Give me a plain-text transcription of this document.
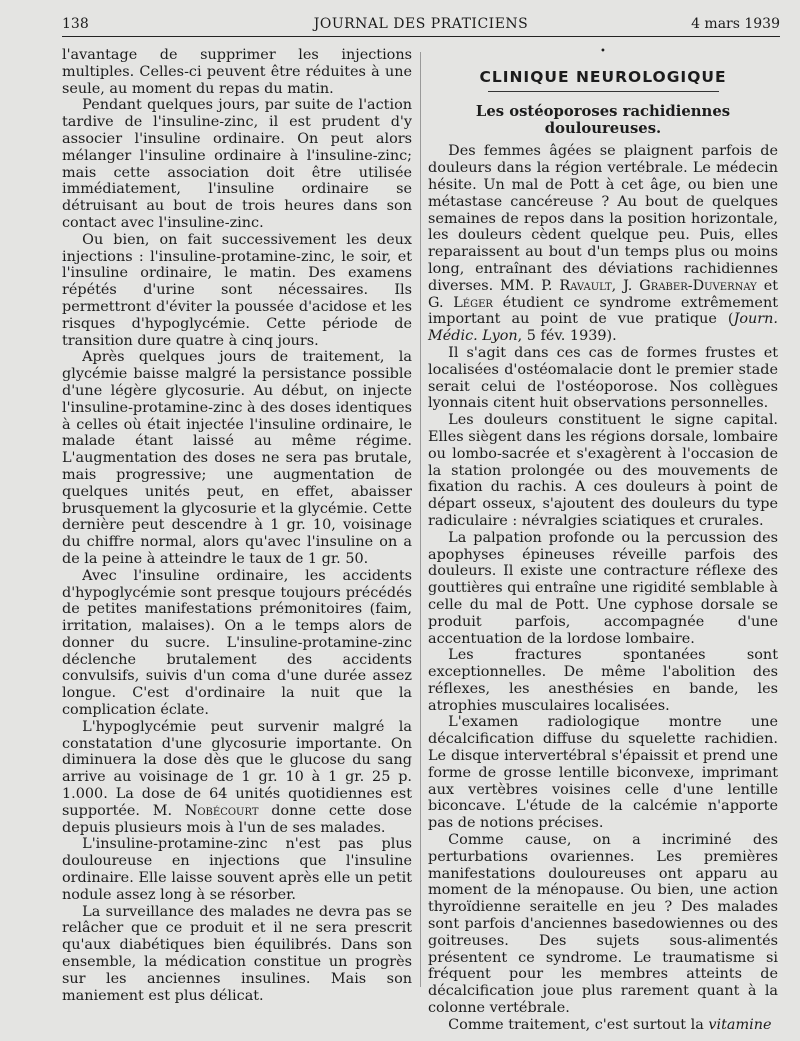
138	JOURNAL DES PRATICIENS	4 mars 1939

l'avantage de supprimer les injections multiples. Celles-ci peuvent être réduites à une seule, au moment du repas du matin.

Pendant quelques jours, par suite de l'action tardive de l'insuline-zinc, il est prudent d'y associer l'insuline ordinaire. On peut alors mélanger l'insuline ordinaire à l'insuline-zinc; mais cette association doit être utilisée immédiatement, l'insuline ordinaire se détruisant au bout de trois heures dans son contact avec l'insuline-zinc.

Ou bien, on fait successivement les deux injections : l'insuline-protamine-zinc, le soir, et l'insuline ordinaire, le matin. Des examens répétés d'urine sont nécessaires. Ils permettront d'éviter la poussée d'acidose et les risques d'hypoglycémie. Cette période de transition dure quatre à cinq jours.

Après quelques jours de traitement, la glycémie baisse malgré la persistance possible d'une légère glycosurie. Au début, on injecte l'insuline-protamine-zinc à des doses identiques à celles où était injectée l'insuline ordinaire, le malade étant laissé au même régime. L'augmentation des doses ne sera pas brutale, mais progressive; une augmentation de quelques unités peut, en effet, abaisser brusquement la glycosurie et la glycémie. Cette dernière peut descendre à 1 gr. 10, voisinage du chiffre normal, alors qu'avec l'insuline on a de la peine à atteindre le taux de 1 gr. 50.

Avec l'insuline ordinaire, les accidents d'hypoglycémie sont presque toujours précédés de petites manifestations prémonitoires (faim, irritation, malaises). On a le temps alors de donner du sucre. L'insuline-protamine-zinc déclenche brutalement des accidents convulsifs, suivis d'un coma d'une durée assez longue. C'est d'ordinaire la nuit que la complication éclate.

L'hypoglycémie peut survenir malgré la constatation d'une glycosurie importante. On diminuera la dose dès que le glucose du sang arrive au voisinage de 1 gr. 10 à 1 gr. 25 p. 1.000. La dose de 64 unités quotidiennes est supportée. M. Nobécourt donne cette dose depuis plusieurs mois à l'un de ses malades.

L'insuline-protamine-zinc n'est pas plus douloureuse en injections que l'insuline ordinaire. Elle laisse souvent après elle un petit nodule assez long à se résorber.

La surveillance des malades ne devra pas se relâcher que ce produit et il ne sera prescrit qu'aux diabétiques bien équilibrés. Dans son ensemble, la médication constitue un progrès sur les anciennes insulines. Mais son maniement est plus délicat.

•
CLINIQUE NEUROLOGIQUE
Les ostéoporoses rachidiennes douloureuses.

Des femmes âgées se plaignent parfois de douleurs dans la région vertébrale. Le médecin hésite. Un mal de Pott à cet âge, ou bien une métastase cancéreuse ? Au bout de quelques semaines de repos dans la position horizontale, les douleurs cèdent quelque peu. Puis, elles reparaissent au bout d'un temps plus ou moins long, entraînant des déviations rachidiennes diverses. MM. P. Ravault, J. Graber-Duvernay et G. Léger étudient ce syndrome extrêmement important au point de vue pratique (Journ. Médic. Lyon, 5 fév. 1939).

Il s'agit dans ces cas de formes frustes et localisées d'ostéomalacie dont le premier stade serait celui de l'ostéoporose. Nos collègues lyonnais citent huit observations personnelles.

Les douleurs constituent le signe capital. Elles siègent dans les régions dorsale, lombaire ou lombo-sacrée et s'exagèrent à l'occasion de la station prolongée ou des mouvements de fixation du rachis. A ces douleurs à point de départ osseux, s'ajoutent des douleurs du type radiculaire : névralgies sciatiques et crurales.

La palpation profonde ou la percussion des apophyses épineuses réveille parfois des douleurs. Il existe une contracture réflexe des gouttières qui entraîne une rigidité semblable à celle du mal de Pott. Une cyphose dorsale se produit parfois, accompagnée d'une accentuation de la lordose lombaire.

Les fractures spontanées sont exceptionnelles. De même l'abolition des réflexes, les anesthésies en bande, les atrophies musculaires localisées.

L'examen radiologique montre une décalcification diffuse du squelette rachidien. Le disque intervertébral s'épaissit et prend une forme de grosse lentille biconvexe, imprimant aux vertèbres voisines celle d'une lentille biconcave. L'étude de la calcémie n'apporte pas de notions précises.

Comme cause, on a incriminé des perturbations ovariennes. Les premières manifestations douloureuses ont apparu au moment de la ménopause. Ou bien, une action thyroïdienne seraitelle en jeu ? Des malades sont parfois d'anciennes basedowiennes ou des goitreuses. Des sujets sous-alimentés présentent ce syndrome. Le traumatisme si fréquent pour les membres atteints de décalcification joue plus rarement quant à la colonne vertébrale.

Comme traitement, c'est surtout la vitamine
